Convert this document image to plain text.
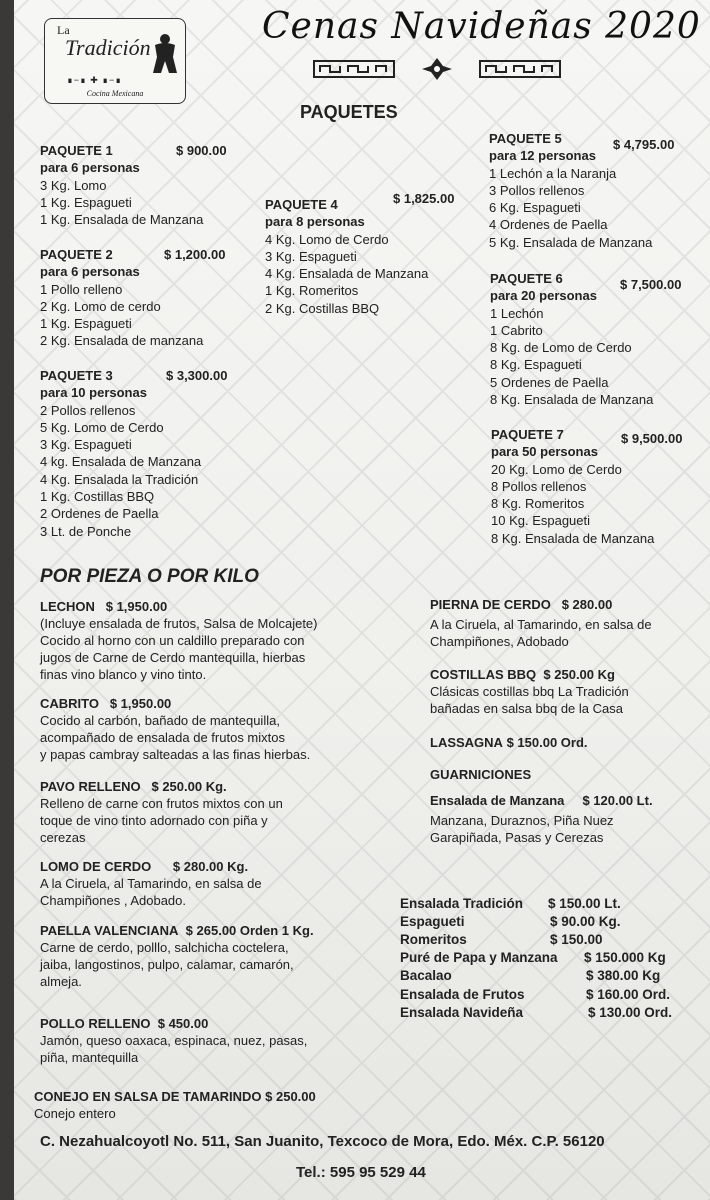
La
Tradición
∎−∎ ✚ ∎−∎
Cocina Mexicana
Cenas Navideñas 2020
PAQUETES
PAQUETE 1	$ 900.00
para 6 personas
3 Kg. Lomo
1 Kg. Espagueti
1 Kg. Ensalada de Manzana
PAQUETE 2	$ 1,200.00
para 6 personas
1 Pollo relleno
2 Kg. Lomo de cerdo
1 Kg. Espagueti
2 Kg. Ensalada de manzana
PAQUETE 3	$ 3,300.00
para 10 personas
2 Pollos rellenos
5 Kg. Lomo de Cerdo
3 Kg. Espagueti
4 kg. Ensalada de Manzana
4 Kg. Ensalada la Tradición
1 Kg. Costillas BBQ
2 Ordenes de Paella
3 Lt. de Ponche
PAQUETE 4	$ 1,825.00
para 8 personas
4 Kg. Lomo de Cerdo
3 Kg. Espagueti
4 Kg. Ensalada de Manzana
1 Kg. Romeritos
2 Kg. Costillas BBQ
PAQUETE 5	$ 4,795.00
para 12 personas
1 Lechón a la Naranja
3 Pollos rellenos
6 Kg. Espagueti
4 Ordenes de Paella
5 Kg. Ensalada de Manzana
PAQUETE 6	$ 7,500.00
para 20 personas
1 Lechón
1 Cabrito
8 Kg. de Lomo de Cerdo
8 Kg. Espagueti
5 Ordenes de Paella
8 Kg. Ensalada de Manzana
PAQUETE 7	$ 9,500.00
para 50 personas
20 Kg. Lomo de Cerdo
8 Pollos rellenos
8 Kg. Romeritos
10 Kg. Espagueti
8 Kg. Ensalada de Manzana
POR PIEZA O POR KILO
LECHON $ 1,950.00
(Incluye ensalada de frutos, Salsa de Molcajete)
Cocido al horno con un caldillo preparado con
jugos de Carne de Cerdo mantequilla, hierbas
finas vino blanco y vino tinto.
CABRITO $ 1,950.00
Cocido al carbón, bañado de mantequilla,
acompañado de ensalada de frutos mixtos
y papas cambray salteadas a las finas hierbas.
PAVO RELLENO $ 250.00 Kg.
Relleno de carne con frutos mixtos con un
toque de vino tinto adornado con piña y
cerezas
LOMO DE CERDO $ 280.00 Kg.
A la Ciruela, al Tamarindo, en salsa de
Champiñones , Adobado.
PAELLA VALENCIANA $ 265.00 Orden 1 Kg.
Carne de cerdo, polllo, salchicha coctelera,
jaiba, langostinos, pulpo, calamar, camarón,
almeja.
POLLO RELLENO $ 450.00
Jamón, queso oaxaca, espinaca, nuez, pasas,
piña, mantequilla
CONEJO EN SALSA DE TAMARINDO $ 250.00
Conejo entero
PIERNA DE CERDO $ 280.00
A la Ciruela, al Tamarindo, en salsa de
Champiñones, Adobado
COSTILLAS BBQ $ 250.00 Kg
Clásicas costillas bbq La Tradición
bañadas en salsa bbq de la Casa
LASSAGNA $ 150.00 Ord.
GUARNICIONES
Ensalada de Manzana $ 120.00 Lt.
Manzana, Duraznos, Piña Nuez
Garapiñada, Pasas y Cerezas
Ensalada Tradición $ 150.00 Lt.
Espagueti	$ 90.00 Kg.
Romeritos	$ 150.00
Puré de Papa y Manzana $ 150.000 Kg
Bacalao	$ 380.00 Kg
Ensalada de Frutos	$ 160.00 Ord.
Ensalada Navideña	$ 130.00 Ord.
C. Nezahualcoyotl No. 511, San Juanito, Texcoco de Mora, Edo. Méx. C.P. 56120
Tel.: 595 95 529 44
